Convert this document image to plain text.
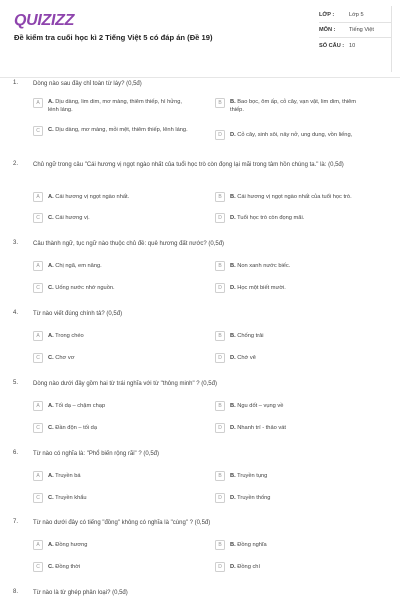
QUIZIZZ
Đề kiểm tra cuối học kì 2 Tiếng Việt 5 có đáp án (Đề 19)
LỚP :	Lớp 5
MÔN :	Tiếng Việt
SỐ CÂU : 10
1. Dòng nào sau đây chỉ toàn từ láy? (0,5đ)
A	A. Dịu dàng, lim dim, mơ màng, thiêm thiếp, hì hửng, lénh láng.
B	B. Bao bọc, ôm ấp, cỏ cây, vạn vật, lim dim, thiêm thiếp.
C	C. Dịu dàng, mơ màng, mỏi mệt, thiêm thiếp, lênh láng.
D	D. Cỏ cây, sinh sôi, nảy nở, ung dung, vồn liếng,
2. Chủ ngữ trong câu "Cái hương vị ngọt ngào nhất của tuổi học trò còn đọng lại mãi trong tâm hồn chúng ta." là: (0,5đ)
A	A. Cái hương vị ngọt ngào nhất.	B	B. Cái hương vị ngọt ngào nhất của tuổi học trò.
C	C. Cái hương vị.	D	D. Tuổi học trò còn đọng mãi.
3. Câu thành ngữ, tục ngữ nào thuộc chủ đề: quê hương đất nước? (0,5đ)
A	A. Chị ngã, em nâng.	B	B. Non xanh nước biếc.
C	C. Uống nước nhớ nguồn.	D	D. Học một biết mười.
4. Từ nào viết đúng chính tả? (0,5đ)
A	A. Trong chéo	B	B. Chống trải
C	C. Chơ vơ	D	D. Chớ vê
5. Dòng nào dưới đây gồm hai từ trái nghĩa với từ "thông minh" ? (0,5đ)
A	A. Tối dạ – chậm chạp	B	B. Ngu dốt – vụng về
C	C. Đần độn – tối dạ	D	D. Nhanh trí - thảo vát
6. Từ nào có nghĩa là: "Phổ biến rộng rãi" ? (0,5đ)
A	A. Truyền bá	B	B. Truyền tụng
C	C. Truyền khẩu	D	D. Truyền thống
7. Từ nào dưới đây có tiếng "đồng" không có nghĩa là "cùng" ? (0,5đ)
A	A. Đồng hương	B	B. Đồng nghĩa
C	C. Đồng thời	D	D. Đồng chí
8. Từ nào là từ ghép phân loại? (0,5đ)
